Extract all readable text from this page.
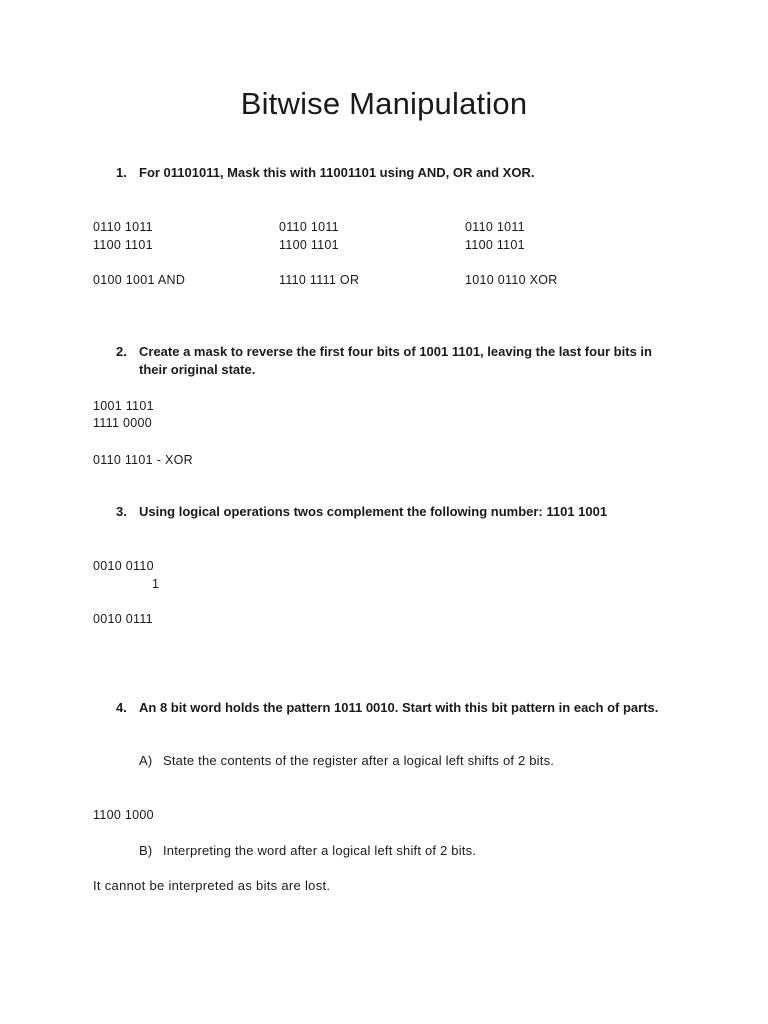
Bitwise Manipulation
1. For 01101011, Mask this with 11001101 using AND, OR and XOR.
0110 1011
1100 1101
0100 1001 AND
0110 1011
1100 1101
1110 1111 OR
0110 1011
1100 1101
1010 0110 XOR
2. Create a mask to reverse the first four bits of 1001 1101, leaving the last four bits in their original state.
1001 1101
1111 0000
0110 1101 - XOR
3. Using logical operations twos complement the following number: 1101 1001
0010 0110
1
0010 0111
4. An 8 bit word holds the pattern 1011 0010. Start with this bit pattern in each of parts.
A) State the contents of the register after a logical left shifts of 2 bits.
1100 1000
B) Interpreting the word after a logical left shift of 2 bits.
It cannot be interpreted as bits are lost.
